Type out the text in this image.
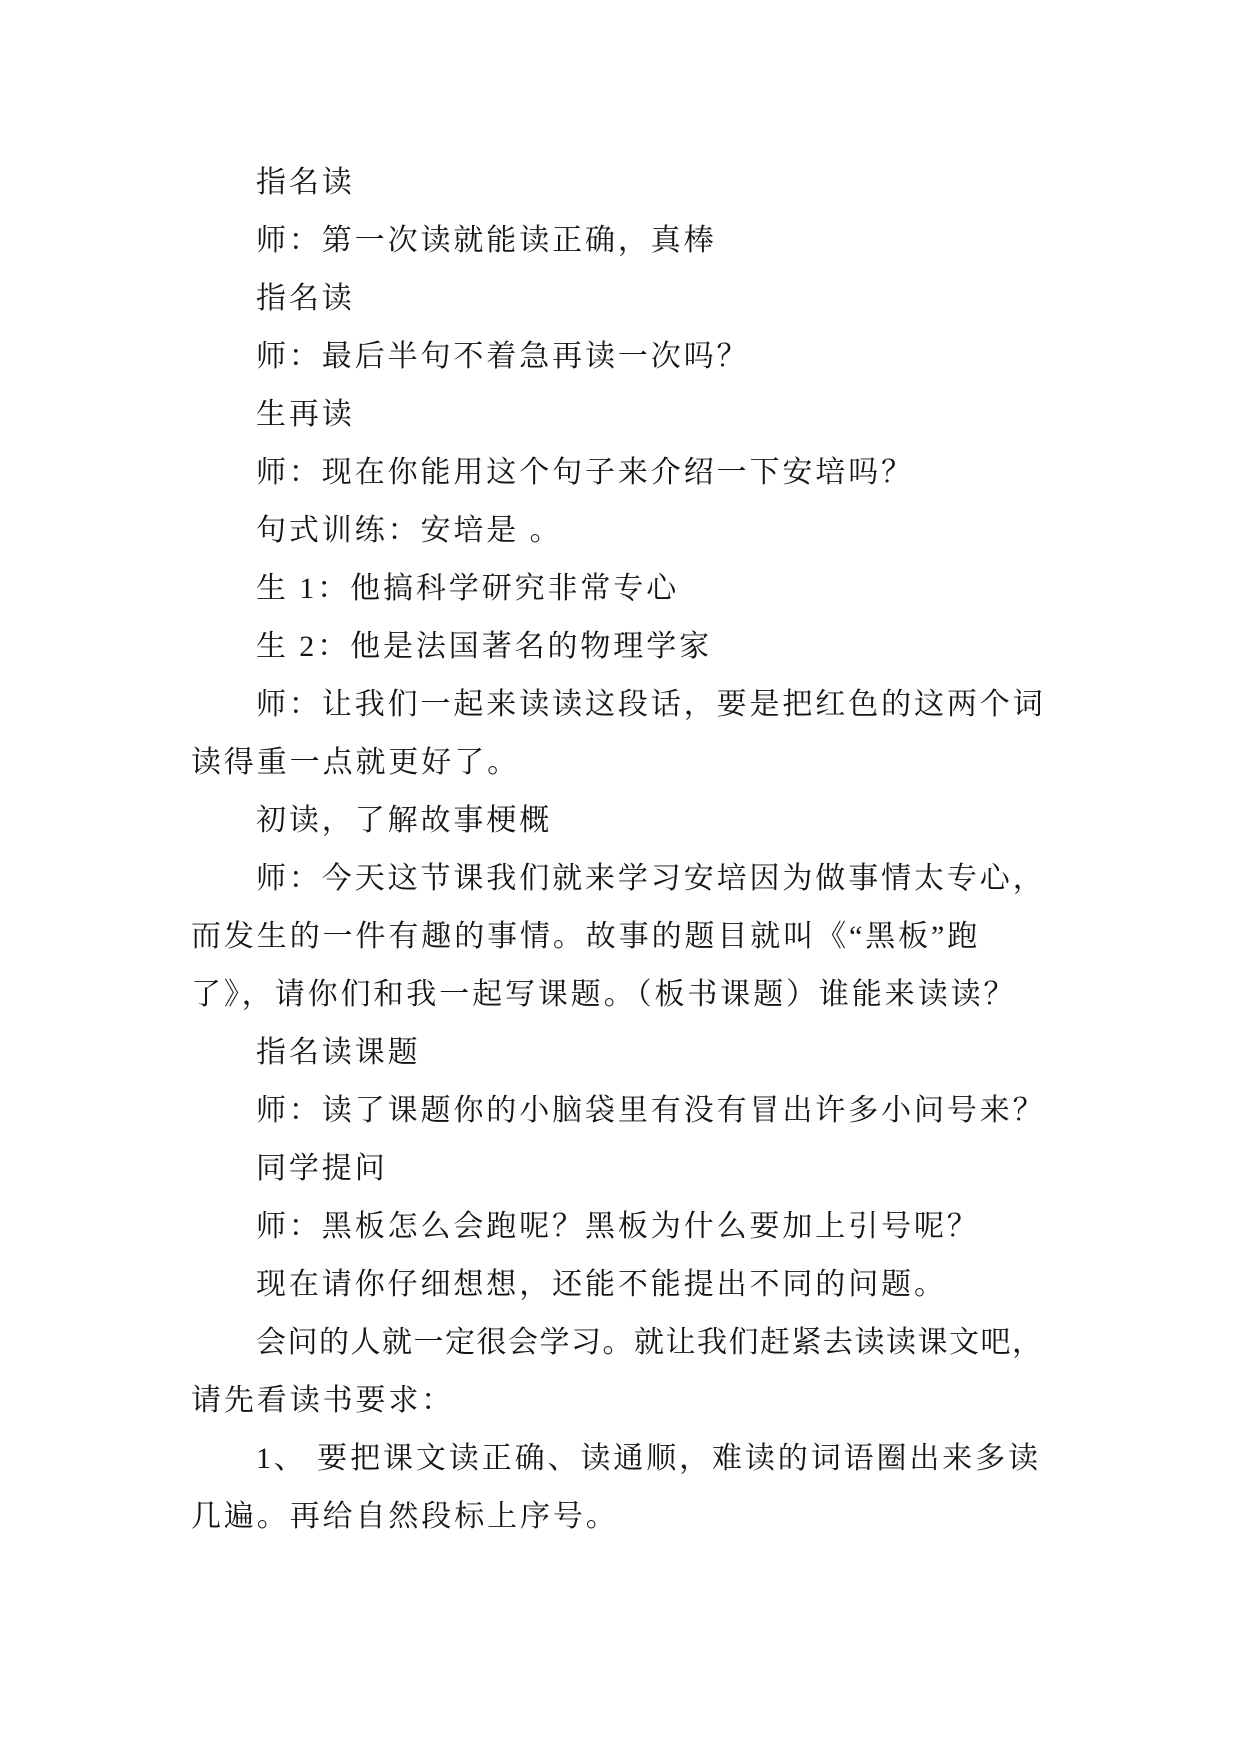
指名读
师：第一次读就能读正确，真棒
指名读
师：最后半句不着急再读一次吗？
生再读
师：现在你能用这个句子来介绍一下安培吗？
句式训练：安培是 。
生 1：他搞科学研究非常专心
生 2：他是法国著名的物理学家
师：让我们一起来读读这段话，要是把红色的这两个词
读得重一点就更好了。
初读，了解故事梗概
师：今天这节课我们就来学习安培因为做事情太专心，
而发生的一件有趣的事情。故事的题目就叫《“黑板”跑
了》，请你们和我一起写课题。（板书课题）谁能来读读？
指名读课题
师：读了课题你的小脑袋里有没有冒出许多小问号来？
同学提问
师：黑板怎么会跑呢？黑板为什么要加上引号呢？
现在请你仔细想想，还能不能提出不同的问题。
会问的人就一定很会学习。就让我们赶紧去读读课文吧，
请先看读书要求：
1、 要把课文读正确、读通顺，难读的词语圈出来多读
几遍。再给自然段标上序号。
